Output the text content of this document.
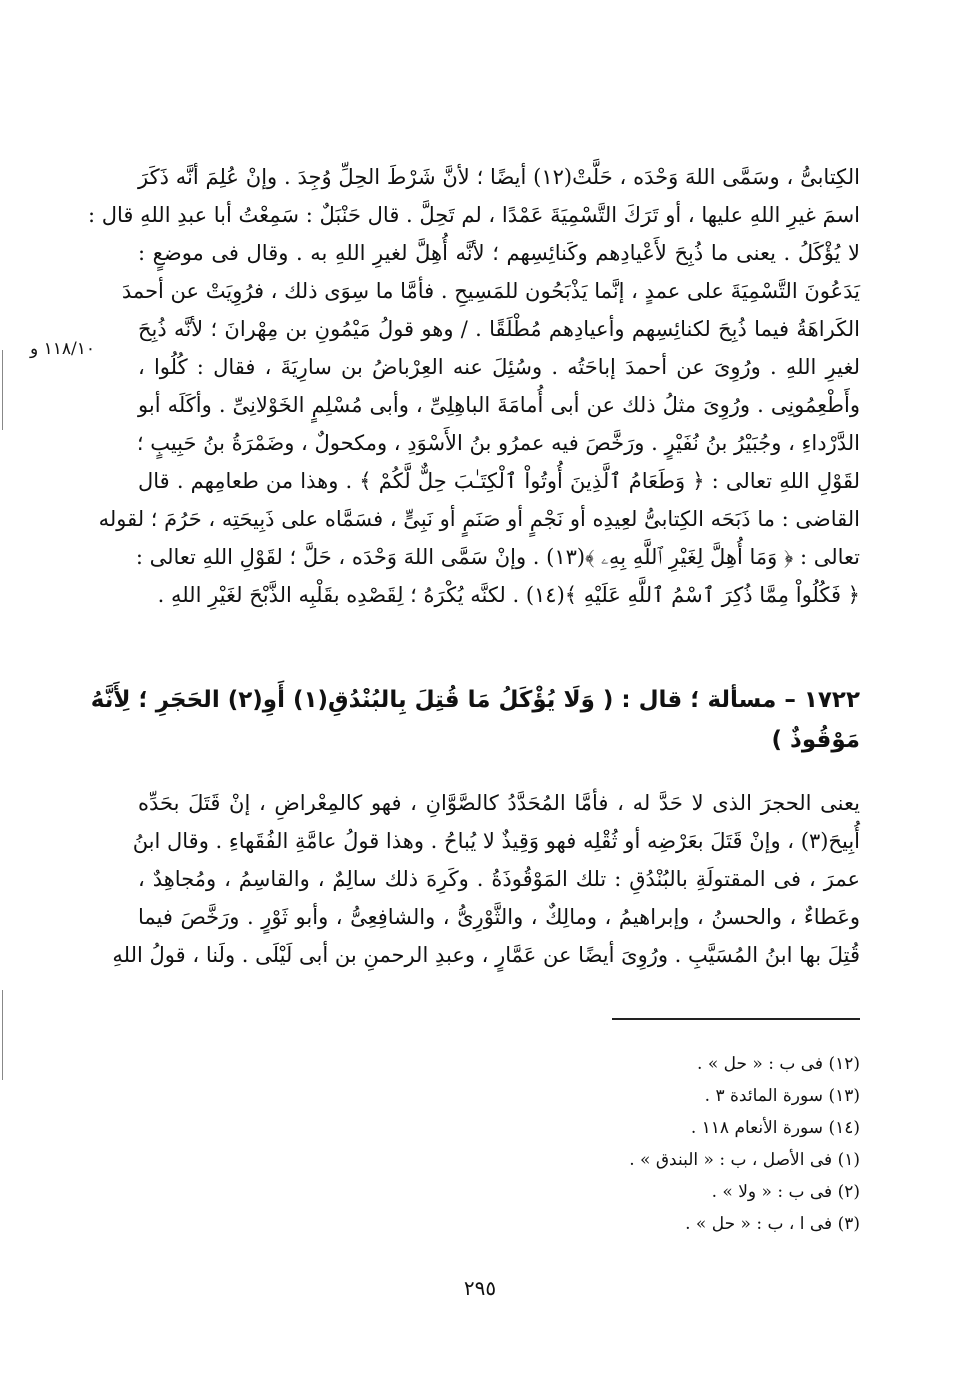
١١٨/١٠ و
الكِتابىُّ ، وسَمَّى اللهَ وَحْدَه ، حَلَّتْ(١٢) أيضًا ؛ لأنَّ شَرْطَ الحِلِّ وُجِدَ . وإنْ عُلِمَ أنَّه ذَكَرَ
اسمَ غيرِ اللهِ عليها ، أو تَرَكَ التَّسْمِيَةَ عَمْدًا ، لم تَحِلَّ . قال حَنْبَلٌ : سَمِعْتُ أبا عبدِ اللهِ قال :
لا يُؤْكَلُ . يعنى ما ذُبِحَ لأَعْيادِهم وكَنائِسِهم ؛ لأنَّه أُهِلَّ لغيرِ اللهِ به . وقال فى موضعٍ :
يَدَعُونَ التَّسْمِيَةَ على عمدٍ ، إنَّما يَذْبَحُون للمَسِيحِ . فأمَّا ما سِوَى ذلك ، فرُوِيَتْ عن أحمدَ
الكَراهَةُ فيما ذُبِحَ لكنائِسِهم وأعيادِهم مُطْلَقًا . / وهو قولُ مَيْمُونِ بن مِهْرانَ ؛ لأنَّه ذُبِحَ
لغيرِ اللهِ . ورُوِىَ عن أحمدَ إباحَتُه . وسُئِلَ عنه العِرْباضُ بن سارِيَةَ ، فقال : كُلُوا ،
وأَطْعِمُونِى . ورُوِىَ مثلُ ذلك عن أبى أُمامَةَ الباهِلِىِّ ، وأبى مُسْلِمٍ الخَوْلانِىِّ . وأكَلَه أبو
الدَّرْداءِ ، وجُبَيْرُ بنُ نُفَيْرٍ . ورَخَّصَ فيه عمرُو بنُ الأَسْوَدِ ، ومكحولٌ ، وضَمْرَةُ بنُ حَبِيبٍ ؛
لقَوْلِ اللهِ تعالى : ﴿ وَطَعَامُ ٱلَّذِينَ أُوتُواْ ٱلْكِتَـٰبَ حِلٌّ لَّكُمْ ﴾ . وهذا من طعامِهم . قال
القاضى : ما ذَبَحَه الكِتابىُّ لعِيدِه أو نَجْمٍ أو صَنَمٍ أو نَبِىٍّ ، فسَمَّاه على ذَبِيحَتِه ، حَرُمَ ؛ لقوله
تعالى : ﴿ وَمَا أُهِلَّ لِغَيْرِ ٱللَّهِ بِهِۦ ﴾(١٣) . وإنْ سَمَّى اللهَ وَحْدَه ، حَلَّ ؛ لقَوْلِ اللهِ تعالى :
﴿ فَكُلُواْ مِمَّا ذُكِرَ ٱسْمُ ٱللَّهِ عَلَيْهِ ﴾(١٤) . لكنَّه يُكْرَهُ ؛ لِقَصْدِه بقَلْبِه الذَّبْحَ لغَيْرِ اللهِ .
١٧٢٢ – مسألة ؛ قال : ( وَلَا يُؤْكَلُ مَا قُتِلَ بِالبُنْدُقِ(١) أَوِ(٢) الحَجَرِ ؛ لِأَنَّهُ
مَوْقُوذٌ )
يعنى الحجرَ الذى لا حَدَّ له ، فأمَّا المُحَدَّدُ كالصَّوَّانِ ، فهو كالمِعْراضِ ، إنْ قَتَلَ بحَدِّه
أُبِيحَ(٣) ، وإنْ قَتَلَ بعَرْضِه أو ثُقْلِه فهو وَقِيذٌ لا يُباحُ . وهذا قولُ عامَّةِ الفُقَهاءِ . وقال ابنُ
عمرَ ، فى المقتولَةِ بالبُنْدُقِ : تلك المَوْقُوذَةُ . وكَرِهَ ذلك سالِمٌ ، والقاسِمُ ، ومُجاهِدٌ ،
وعَطاءٌ ، والحسنُ ، وإبراهيمُ ، ومالِكٌ ، والثَّوْرِىُّ ، والشافِعِىُّ ، وأبو ثَوْرٍ . ورَخَّصَ فيما
قُتِلَ بها ابنُ المُسَيَّبِ . ورُوِىَ أيضًا عن عَمَّارٍ ، وعبدِ الرحمنِ بن أبى لَيْلَى . ولَنا ، قولُ اللهِ
(١٢) فى ب : « حل » .
(١٣) سورة المائدة ٣ .
(١٤) سورة الأنعام ١١٨ .
(١) فى الأصل ، ب : « البندق » .
(٢) فى ب : « ولا » .
(٣) فى ا ، ب : « حل » .
٢٩٥
